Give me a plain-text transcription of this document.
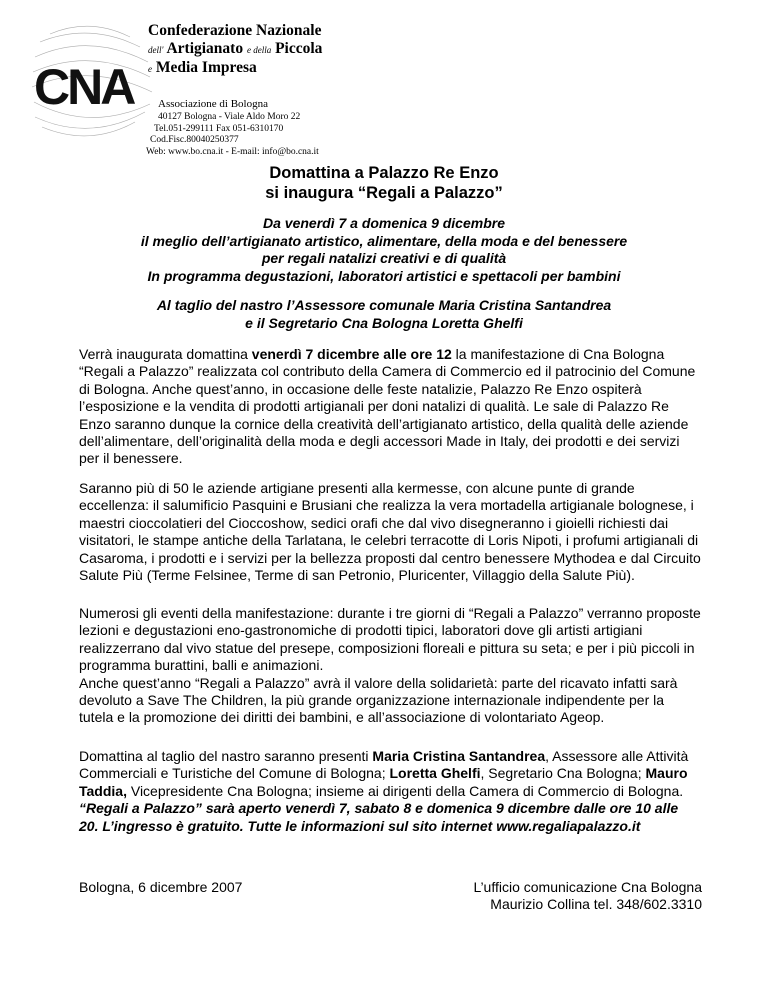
CNA
Confederazione Nazionale
dell' Artigianato e della Piccola
e Media Impresa
Associazione di Bologna
40127 Bologna - Viale Aldo Moro 22
Tel.051-299111 Fax 051-6310170
Cod.Fisc.80040250377
Web: www.bo.cna.it - E-mail: info@bo.cna.it
Domattina a Palazzo Re Enzo
si inaugura “Regali a Palazzo”
Da venerdì 7 a domenica 9 dicembre
il meglio dell’artigianato artistico, alimentare, della moda e del benessere
per regali natalizi creativi e di qualità
In programma degustazioni, laboratori artistici e spettacoli per bambini
Al taglio del nastro l’Assessore comunale Maria Cristina Santandrea
e il Segretario Cna Bologna Loretta Ghelfi

Verrà inaugurata domattina venerdì 7 dicembre alle ore 12 la manifestazione di Cna Bologna “Regali a Palazzo” realizzata col contributo della Camera di Commercio ed il patrocinio del Comune di Bologna. Anche quest’anno, in occasione delle feste natalizie, Palazzo Re Enzo ospiterà l’esposizione e la vendita di prodotti artigianali per doni natalizi di qualità. Le sale di Palazzo Re Enzo saranno dunque la cornice della creatività dell’artigianato artistico, della qualità delle aziende dell’alimentare, dell’originalità della moda e degli accessori Made in Italy, dei prodotti e dei servizi per il benessere.

Saranno più di 50 le aziende artigiane presenti alla kermesse, con alcune punte di grande eccellenza: il salumificio Pasquini e Brusiani che realizza la vera mortadella artigianale bolognese, i maestri cioccolatieri del Cioccoshow, sedici orafi che dal vivo disegneranno i gioielli richiesti dai visitatori, le stampe antiche della Tarlatana, le celebri terracotte di Loris Nipoti, i profumi artigianali di Casaroma, i prodotti e i servizi per la bellezza proposti dal centro benessere Mythodea e dal Circuito Salute Più (Terme Felsinee, Terme di san Petronio, Pluricenter, Villaggio della Salute Più).

Numerosi gli eventi della manifestazione: durante i tre giorni di “Regali a Palazzo” verranno proposte lezioni e degustazioni eno-gastronomiche di prodotti tipici, laboratori dove gli artisti artigiani realizzerrano dal vivo statue del presepe, composizioni floreali e pittura su seta; e per i più piccoli in programma burattini, balli e animazioni.

Anche quest’anno “Regali a Palazzo” avrà il valore della solidarietà: parte del ricavato infatti sarà devoluto a Save The Children, la più grande organizzazione internazionale indipendente per la tutela e la promozione dei diritti dei bambini, e all’associazione di volontariato Ageop.

Domattina al taglio del nastro saranno presenti Maria Cristina Santandrea, Assessore alle Attività Commerciali e Turistiche del Comune di Bologna; Loretta Ghelfi, Segretario Cna Bologna; Mauro Taddia, Vicepresidente Cna Bologna; insieme ai dirigenti della Camera di Commercio di Bologna.

“Regali a Palazzo” sarà aperto venerdì 7, sabato 8 e domenica 9 dicembre dalle ore 10 alle 20. L’ingresso è gratuito. Tutte le informazioni sul sito internet www.regaliapalazzo.it

Bologna, 6 dicembre 2007	L’ufficio comunicazione Cna Bologna
Maurizio Collina tel. 348/602.3310
